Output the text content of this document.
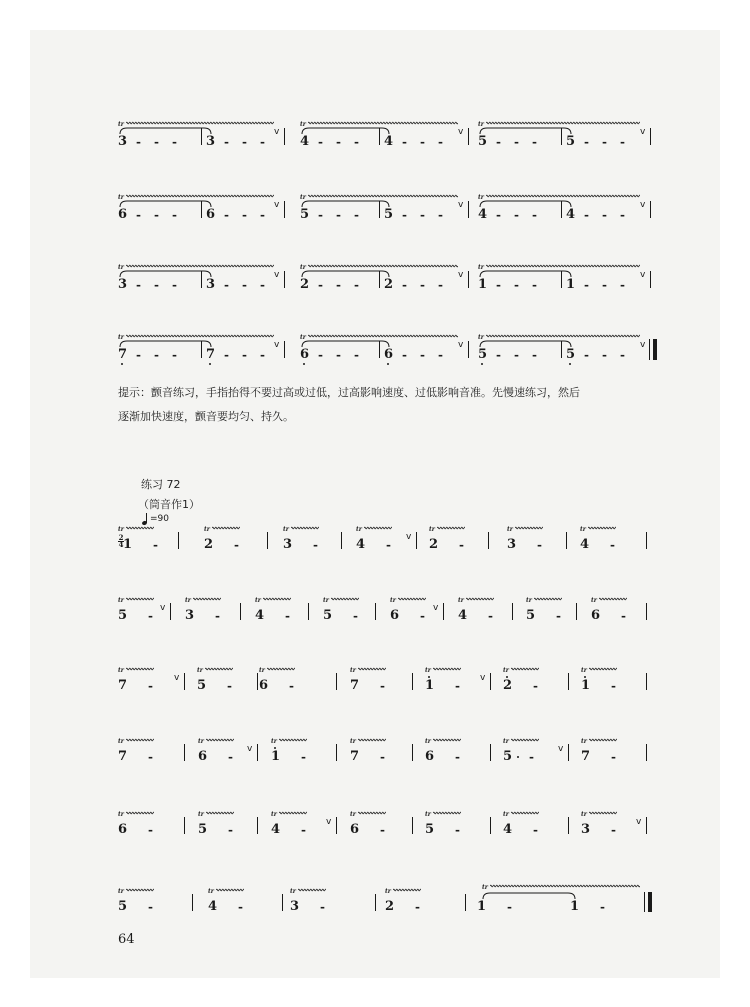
tr
3 - - - 3 - - -
v
tr
4 - - - 4 - - -
v
tr
5 - - - 5 - - -
v
tr
6 - - - 6 - - -
v
tr
5 - - - 5 - - -
v
tr
4 - - - 4 - - -
v
tr
3 - - - 3 - - -
v
tr
2 - - - 2 - - -
v
tr
1 - - - 1 - - -
v
tr
7 - - - 7 - - -
v
tr
6 - - - 6 - - -
v
tr
5 - - - 5 - - -
v
提示：颤音练习，手指抬得不要过高或过低，过高影响速度、过低影响音准。先慢速练习，然后
逐渐加快速度，颤音要均匀、持久。
练习 72
（筒音作1）
=90
tr
1 -
tr
2 -
tr
3 -
tr
4 -
v
tr
2 -
tr
3 -
tr
4 -
2
4
tr
5 -
v
tr
3 -
tr
4 -
tr
5 -
tr
6 -
v
tr
4 -
tr
5 -
tr
6 -
tr
7 -
v
tr
5 -
tr
6 -
tr
7 -
tr
1 -
v
tr
2 -
tr
1 -
tr
7 -
tr
6 -
v
tr
1 -
tr
7 -
tr
6 -
tr
5 -
v
tr
7 -
tr
6 -
tr
5 -
tr
4 -
v
tr
6 -
tr
5 -
tr
4 -
tr
3 -
v
tr
5 -
tr
4 -
tr
3 -
tr
2 -	1 -	1 -
tr
64
